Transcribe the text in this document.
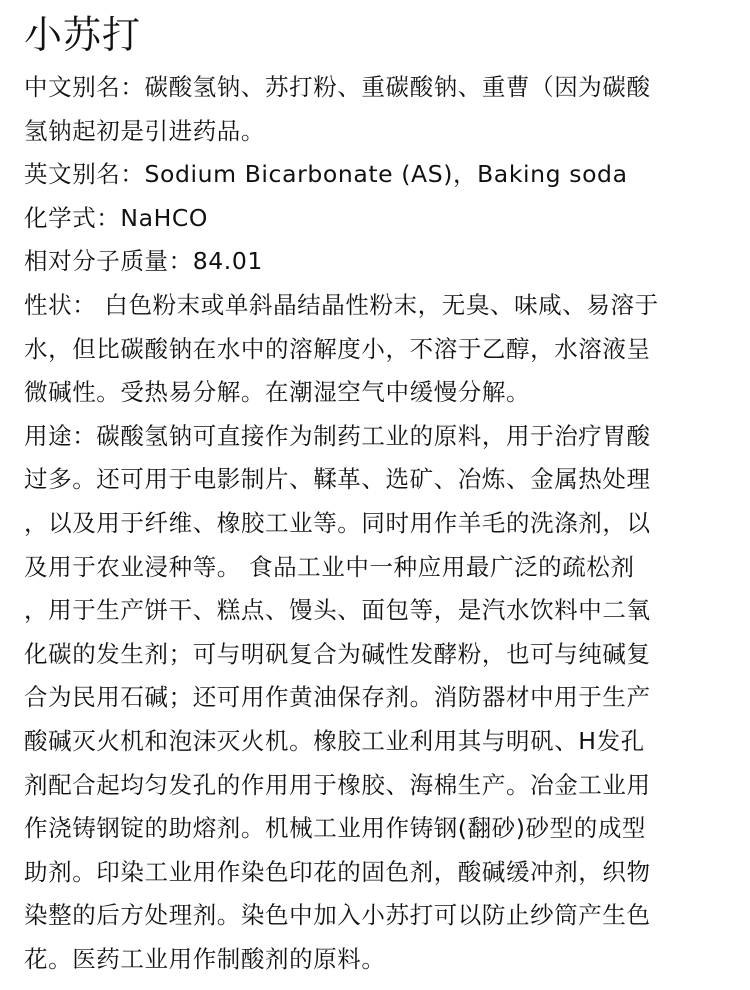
小苏打
中文别名：碳酸氢钠、苏打粉、重碳酸钠、重曹（因为碳酸
氢钠起初是引进药品。
英文别名：Sodium Bicarbonate (AS)，Baking soda
化学式：NaHCO
相对分子质量：84.01
性状： 白色粉末或单斜晶结晶性粉末，无臭、味咸、易溶于
水，但比碳酸钠在水中的溶解度小，不溶于乙醇，水溶液呈
微碱性。受热易分解。在潮湿空气中缓慢分解。
用途：碳酸氢钠可直接作为制药工业的原料，用于治疗胃酸
过多。还可用于电影制片、鞣革、选矿、冶炼、金属热处理
，以及用于纤维、橡胶工业等。同时用作羊毛的洗涤剂，以
及用于农业浸种等。 食品工业中一种应用最广泛的疏松剂
，用于生产饼干、糕点、馒头、面包等，是汽水饮料中二氧
化碳的发生剂；可与明矾复合为碱性发酵粉，也可与纯碱复
合为民用石碱；还可用作黄油保存剂。消防器材中用于生产
酸碱灭火机和泡沫灭火机。橡胶工业利用其与明矾、H发孔
剂配合起均匀发孔的作用用于橡胶、海棉生产。冶金工业用
作浇铸钢锭的助熔剂。机械工业用作铸钢(翻砂)砂型的成型
助剂。印染工业用作染色印花的固色剂，酸碱缓冲剂，织物
染整的后方处理剂。染色中加入小苏打可以防止纱筒产生色
花。医药工业用作制酸剂的原料。
